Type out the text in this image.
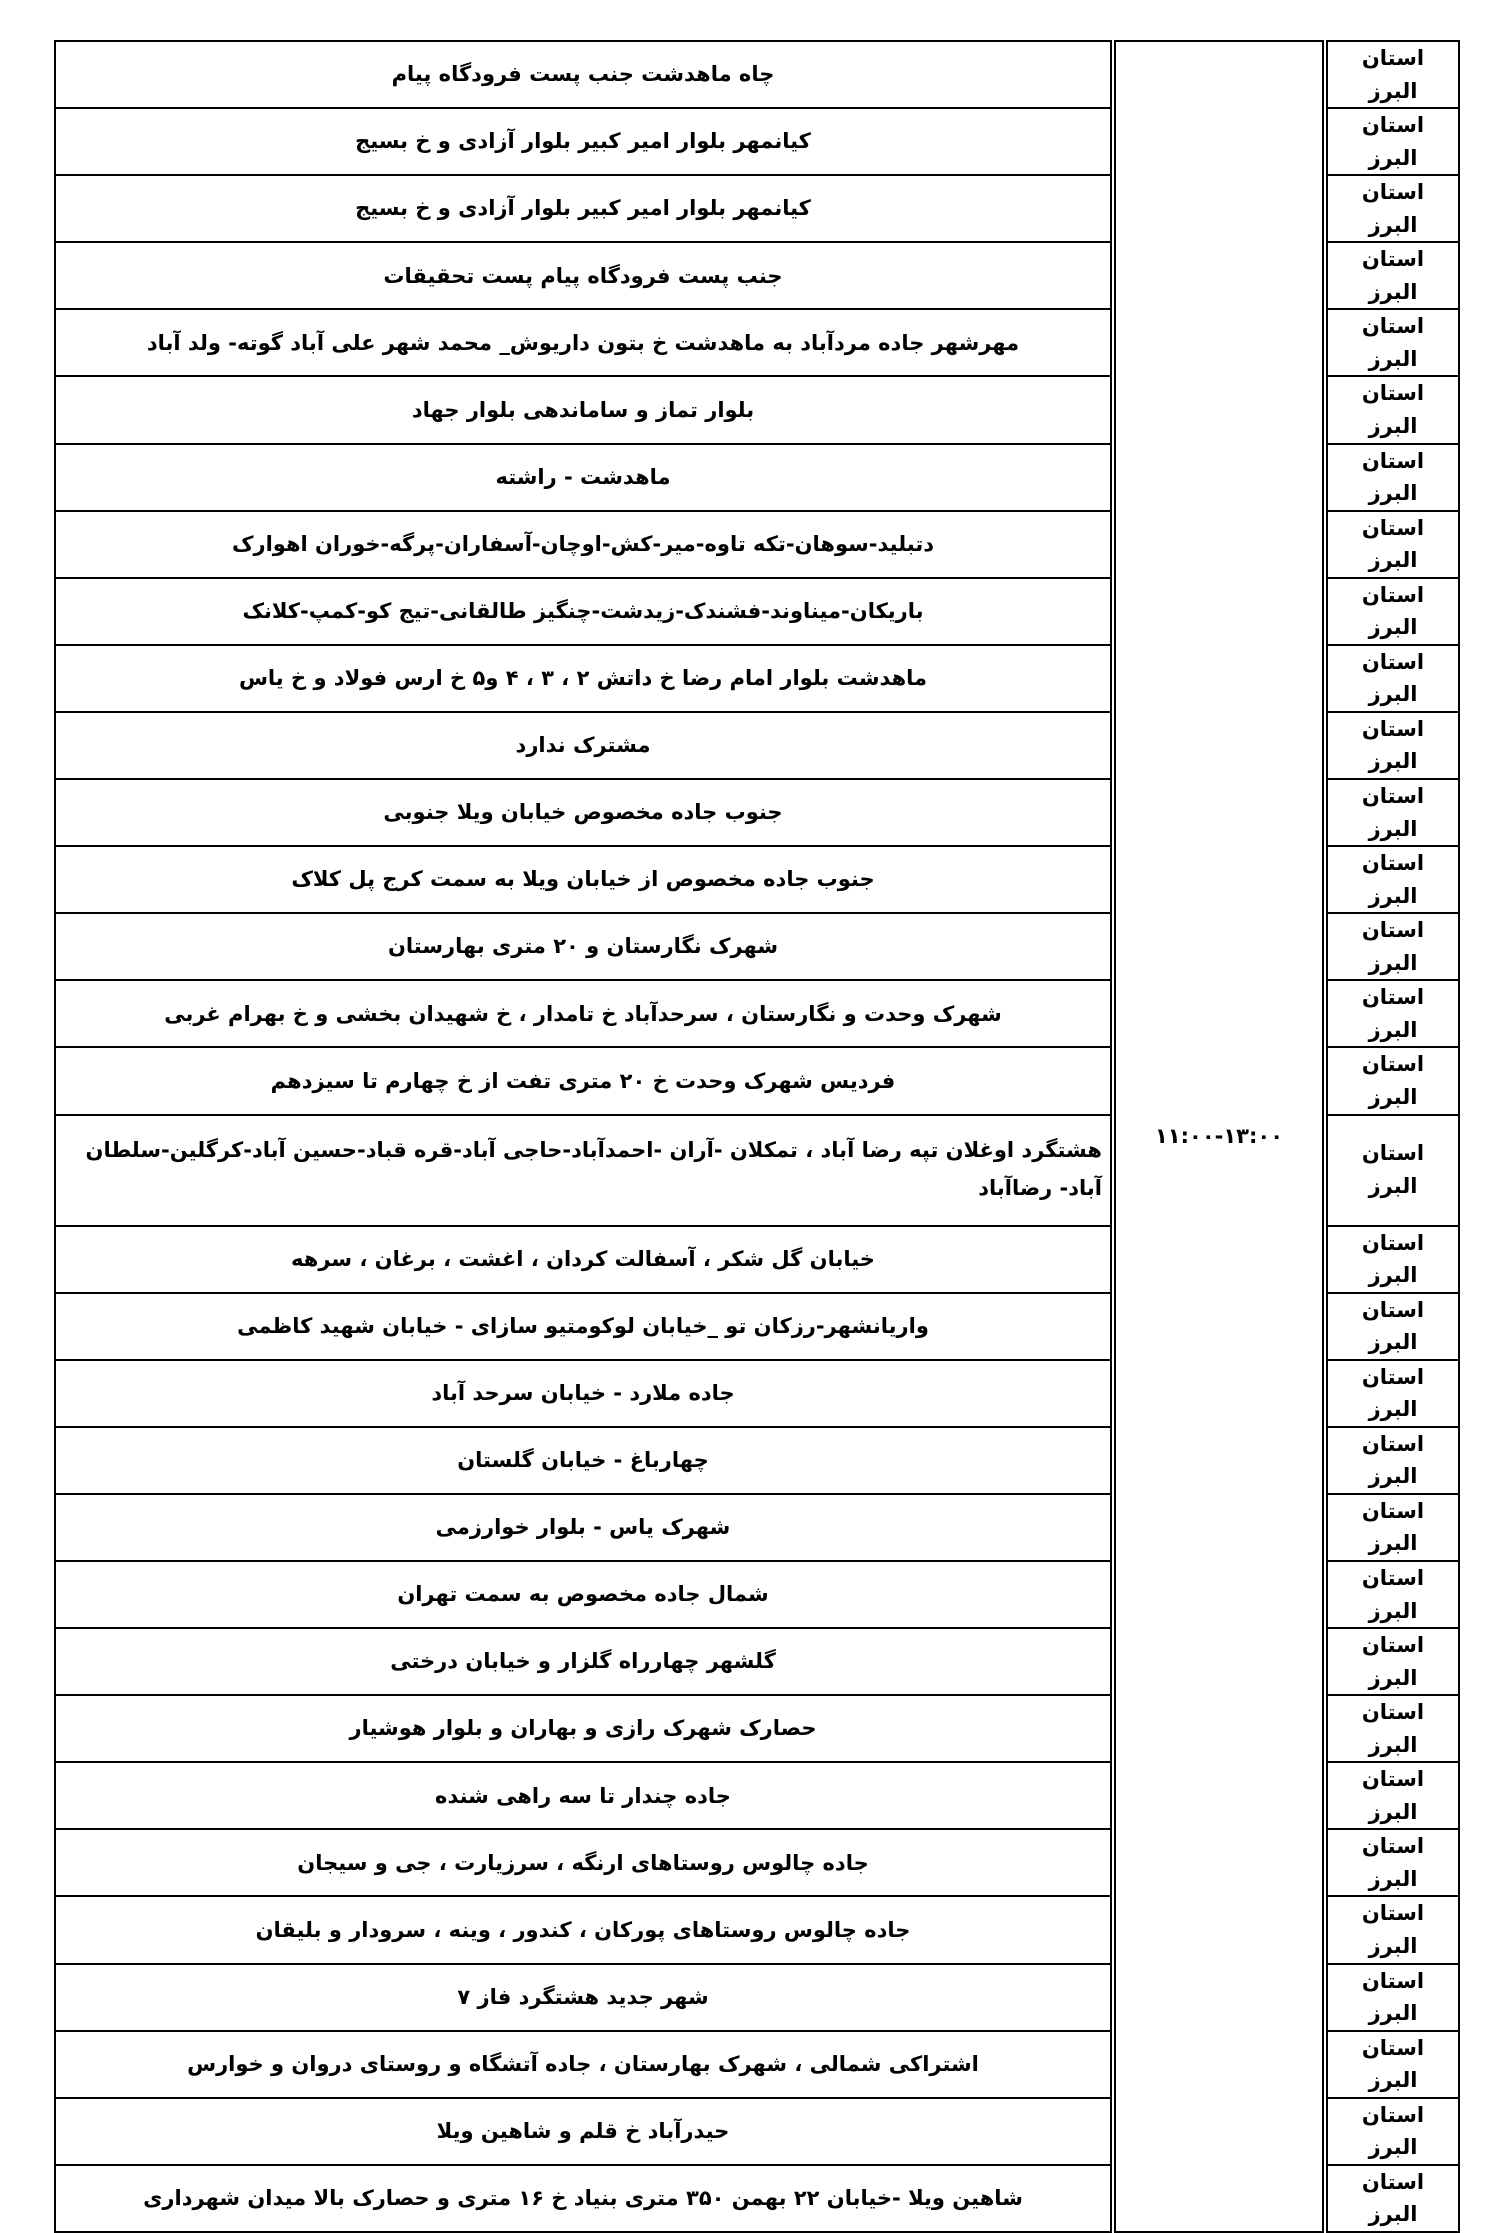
استان البرز		۱۱:۰۰-۱۳:۰۰		چاه ماهدشت جنب پست فرودگاه پیام
استان البرز				کیانمهر بلوار امیر کبیر بلوار آزادی و خ بسیج
استان البرز				کیانمهر بلوار امیر کبیر بلوار آزادی و خ بسیج
استان البرز				جنب پست فرودگاه پیام پست تحقیقات
استان البرز				مهرشهر جاده مردآباد به ماهدشت خ بتون داریوش_ محمد شهر علی آباد گوته- ولد آباد
استان البرز				بلوار تماز و ساماندهی بلوار جهاد
استان البرز				ماهدشت - راشته
استان البرز				دتبلید-سوهان-تکه تاوه-میر-کش-اوچان-آسفاران-پرگه-خوران اهوارک
استان البرز				باریکان-میناوند-فشندک-زیدشت-چنگیز طالقانی-تیج کو-کمپ-کلانک
استان البرز				ماهدشت بلوار امام رضا خ داتش ۲ ، ۳ ، ۴ و۵ خ ارس فولاد و خ یاس
استان البرز				مشترک ندارد
استان البرز				جنوب جاده مخصوص خیابان ویلا جنوبی
استان البرز				جنوب جاده مخصوص از خیابان ویلا به سمت کرج پل کلاک
استان البرز				شهرک نگارستان و ۲۰ متری بهارستان
استان البرز				شهرک وحدت و نگارستان ، سرحدآباد خ تامدار ، خ شهیدان بخشی و خ بهرام غربی
استان البرز				فردیس شهرک وحدت خ ۲۰ متری تفت از خ چهارم تا سیزدهم
استان البرز				هشتگرد اوغلان تپه رضا آباد ، تمکلان -آران -احمدآباد-حاجی آباد-قره قباد-حسین آباد-کرگلین-سلطان آباد- رضاآباد
استان البرز				خیابان گل شکر ، آسفالت کردان ، اغشت ، برغان ، سرهه
استان البرز				واریانشهر-رزکان تو _خیابان لوکومتیو سازای - خیابان شهید کاظمی
استان البرز				جاده ملارد - خیابان سرحد آباد
استان البرز				چهارباغ - خیابان گلستان
استان البرز				شهرک یاس - بلوار خوارزمی
استان البرز				شمال جاده مخصوص به سمت تهران
استان البرز				گلشهر چهارراه گلزار و خیابان درختی
استان البرز				حصارک شهرک رازی و بهاران و بلوار هوشیار
استان البرز				جاده چندار تا سه راهی شنده
استان البرز				جاده چالوس روستاهای ارنگه ، سرزیارت ، جی و سیجان
استان البرز				جاده چالوس روستاهای پورکان ، کندور ، وینه ، سرودار و بلیقان
استان البرز				شهر جدید هشتگرد فاز ۷
استان البرز				اشتراکی شمالی ، شهرک بهارستان ، جاده آتشگاه و روستای دروان و خوارس
استان البرز				حیدرآباد خ قلم و شاهین ویلا
استان البرز				شاهین ویلا -خیابان ۲۲ بهمن ۳۵۰ متری بنیاد خ ۱۶ متری و حصارک بالا میدان شهرداری
